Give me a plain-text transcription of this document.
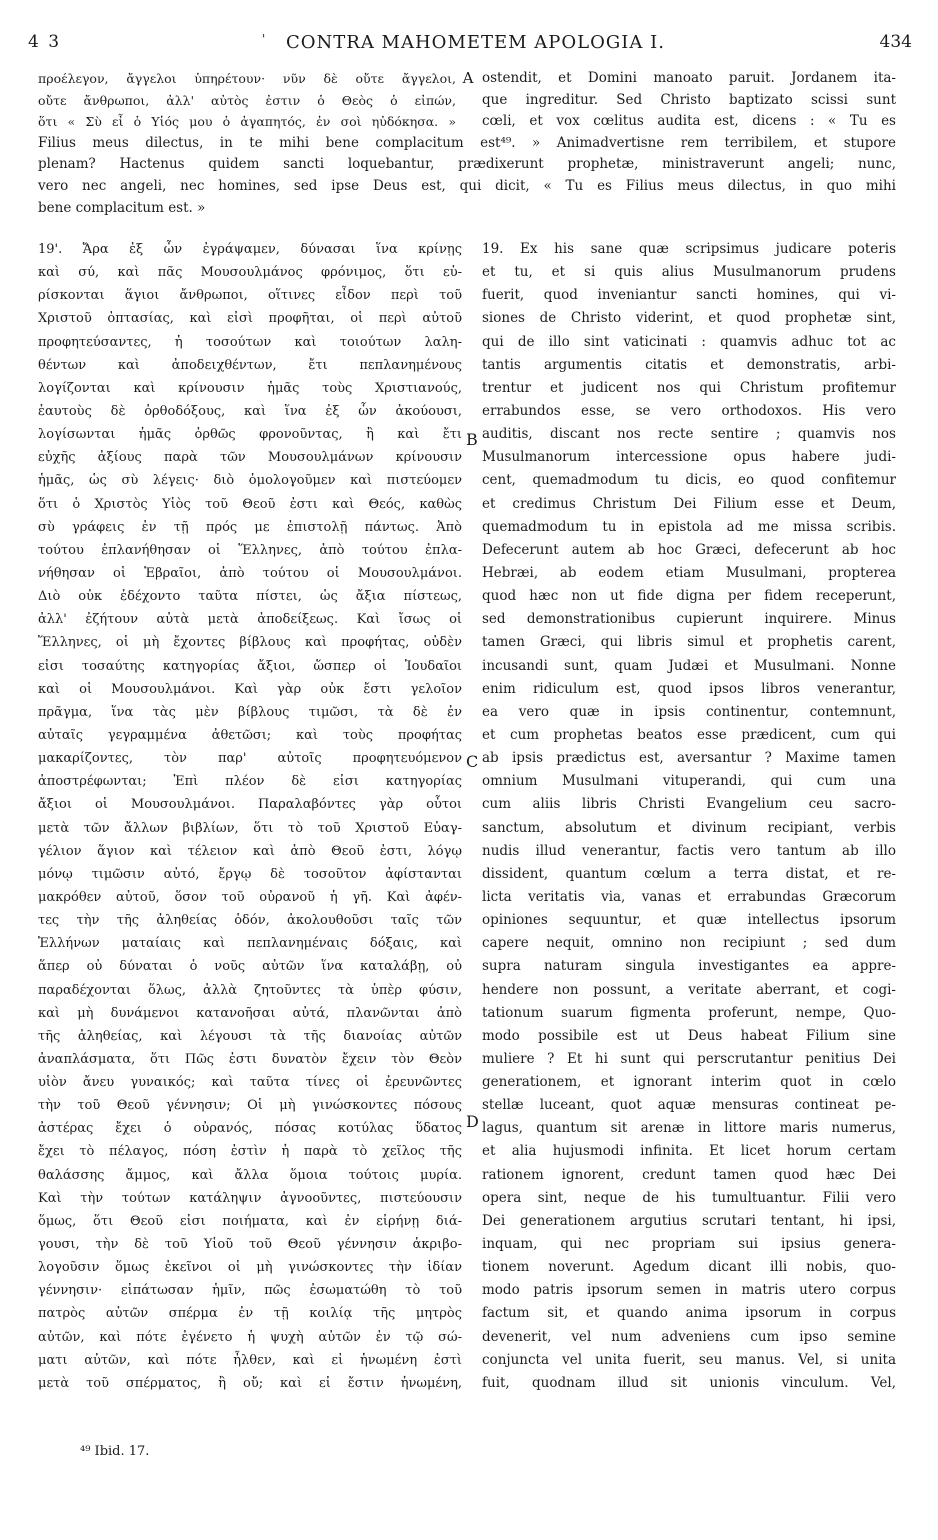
4 3	' CONTRA MAHOMETEM APOLOGIA I.	434
προέλεγον, ἄγγελοι ὑπηρέτουν· νῦν δὲ οὔτε ἄγγελοι, A ostendit, et Domini manoato paruit. Jordanem ita-
οὔτε ἄνθρωποι, ἀλλ' αὐτὸς ἐστιν ὁ Θεὸς ὁ εἰπών, que ingreditur. Sed Christo baptizato scissi sunt
ὅτι « Σὺ εἶ ὁ Υἱός μου ὁ ἀγαπητός, ἐν σοὶ ηὐδόκησα. » cœli, et vox cœlitus audita est, dicens : « Tu es
Filius meus dilectus, in te mihi bene complacitum est⁴⁹. » Animadvertisne rem terribilem, et stupore
plenam? Hactenus quidem sancti loquebantur, prædixerunt prophetæ, ministraverunt angeli; nunc,
vero nec angeli, nec homines, sed ipse Deus est, qui dicit, « Tu es Filius meus dilectus, in quo mihi
bene complacitum est. »
19'. Ἄρα ἐξ ὧν ἐγράψαμεν, δύνασαι ἵνα κρίνῃς
καὶ σύ, καὶ πᾶς Μουσουλμάνος φρόνιμος, ὅτι εὑ-
ρίσκονται ἅγιοι ἄνθρωποι, οἵτινες εἶδον περὶ τοῦ
Χριστοῦ ὀπτασίας, καὶ εἰσὶ προφῆται, οἱ περὶ αὐτοῦ
προφητεύσαντες, ἡ τοσούτων καὶ τοιούτων λαλη-
θέντων καὶ ἀποδειχθέντων, ἔτι πεπλανημένους
λογίζονται καὶ κρίνουσιν ἡμᾶς τοὺς Χριστιανούς,
ἑαυτοὺς δὲ ὀρθοδόξους, καὶ ἵνα ἐξ ὧν ἀκούουσι,
λογίσωνται ἡμᾶς ὀρθῶς φρονοῦντας, ἢ καὶ ἔτι
εὐχῆς ἀξίους παρὰ τῶν Μουσουλμάνων κρίνουσιν
ἡμᾶς, ὡς σὺ λέγεις· διὸ ὁμολογοῦμεν καὶ πιστεύομεν
ὅτι ὁ Χριστὸς Υἱὸς τοῦ Θεοῦ ἐστι καὶ Θεός, καθὼς
σὺ γράφεις ἐν τῇ πρός με ἐπιστολῇ πάντως. Ἀπὸ
τούτου ἐπλανήθησαν οἱ Ἕλληνες, ἀπὸ τούτου ἐπλα-
νήθησαν οἱ Ἑβραῖοι, ἀπὸ τούτου οἱ Μουσουλμάνοι.
Διὸ οὐκ ἐδέχοντο ταῦτα πίστει, ὡς ἄξια πίστεως,
ἀλλ' ἐζήτουν αὐτὰ μετὰ ἀποδείξεως. Καὶ ἴσως οἱ
Ἕλληνες, οἱ μὴ ἔχοντες βίβλους καὶ προφήτας, οὐδὲν
εἰσι τοσαύτης κατηγορίας ἄξιοι, ὥσπερ οἱ Ἰουδαῖοι
καὶ οἱ Μουσουλμάνοι. Καὶ γὰρ οὐκ ἔστι γελοῖον
πρᾶγμα, ἵνα τὰς μὲν βίβλους τιμῶσι, τὰ δὲ ἐν
αὐταῖς γεγραμμένα ἀθετῶσι; καὶ τοὺς προφήτας
μακαρίζοντες, τὸν παρ' αὐτοῖς προφητευόμενον
ἀποστρέφωνται; Ἐπὶ πλέον δὲ εἰσι κατηγορίας
ἄξιοι οἱ Μουσουλμάνοι. Παραλαβόντες γὰρ οὗτοι
μετὰ τῶν ἄλλων βιβλίων, ὅτι τὸ τοῦ Χριστοῦ Εὐαγ-
γέλιον ἅγιον καὶ τέλειον καὶ ἀπὸ Θεοῦ ἐστι, λόγῳ
μόνῳ τιμῶσιν αὐτό, ἔργῳ δὲ τοσοῦτον ἀφίστανται
μακρόθεν αὐτοῦ, ὅσον τοῦ οὐρανοῦ ἡ γῆ. Καὶ ἀφέν-
τες τὴν τῆς ἀληθείας ὁδόν, ἀκολουθοῦσι ταῖς τῶν
Ἑλλήνων ματαίαις καὶ πεπλανημέναις δόξαις, καὶ
ἅπερ οὐ δύναται ὁ νοῦς αὐτῶν ἵνα καταλάβῃ, οὐ
παραδέχονται ὅλως, ἀλλὰ ζητοῦντες τὰ ὑπὲρ φύσιν,
καὶ μὴ δυνάμενοι κατανοῆσαι αὐτά, πλανῶνται ἀπὸ
τῆς ἀληθείας, καὶ λέγουσι τὰ τῆς διανοίας αὐτῶν
ἀναπλάσματα, ὅτι Πῶς ἐστι δυνατὸν ἔχειν τὸν Θεὸν
υἱὸν ἄνευ γυναικός; καὶ ταῦτα τίνες οἱ ἐρευνῶντες
τὴν τοῦ Θεοῦ γέννησιν; Οἱ μὴ γινώσκοντες πόσους
ἀστέρας ἔχει ὁ οὐρανός, πόσας κοτύλας ὕδατος
ἔχει τὸ πέλαγος, πόση ἐστὶν ἡ παρὰ τὸ χεῖλος τῆς
θαλάσσης ἄμμος, καὶ ἄλλα ὅμοια τούτοις μυρία.
Καὶ τὴν τούτων κατάληψιν ἀγνοοῦντες, πιστεύουσιν
ὅμως, ὅτι Θεοῦ εἰσι ποιήματα, καὶ ἐν εἰρήνῃ διά-
γουσι, τὴν δὲ τοῦ Υἱοῦ τοῦ Θεοῦ γέννησιν ἀκριβο-
λογοῦσιν ὅμως ἐκεῖνοι οἱ μὴ γινώσκοντες τὴν ἰδίαν
γέννησιν· εἰπάτωσαν ἡμῖν, πῶς ἐσωματώθη τὸ τοῦ
πατρὸς αὐτῶν σπέρμα ἐν τῇ κοιλίᾳ τῆς μητρὸς
αὐτῶν, καὶ πότε ἐγένετο ἡ ψυχὴ αὐτῶν ἐν τῷ σώ-
ματι αὐτῶν, καὶ πότε ἦλθεν, καὶ εἰ ἡνωμένη ἐστὶ
μετὰ τοῦ σπέρματος, ἢ οὔ; καὶ εἰ ἔστιν ἡνωμένη,
19. Ex his sane quæ scripsimus judicare poteris
et tu, et si quis alius Musulmanorum prudens
fuerit, quod inveniantur sancti homines, qui vi-
siones de Christo viderint, et quod prophetæ sint,
qui de illo sint vaticinati : quamvis adhuc tot ac
tantis argumentis citatis et demonstratis, arbi-
trentur et judicent nos qui Christum profitemur
errabundos esse, se vero orthodoxos. His vero
auditis, discant nos recte sentire ; quamvis nos
Musulmanorum intercessione opus habere judi-
cent, quemadmodum tu dicis, eo quod confitemur
et credimus Christum Dei Filium esse et Deum,
quemadmodum tu in epistola ad me missa scribis.
Defecerunt autem ab hoc Græci, defecerunt ab hoc
Hebræi, ab eodem etiam Musulmani, propterea
quod hæc non ut fide digna per fidem receperunt,
sed demonstrationibus cupierunt inquirere. Minus
tamen Græci, qui libris simul et prophetis carent,
incusandi sunt, quam Judæi et Musulmani. Nonne
enim ridiculum est, quod ipsos libros venerantur,
ea vero quæ in ipsis continentur, contemnunt,
et cum prophetas beatos esse prædicent, cum qui
ab ipsis prædictus est, aversantur ? Maxime tamen
omnium Musulmani vituperandi, qui cum una
cum aliis libris Christi Evangelium ceu sacro-
sanctum, absolutum et divinum recipiant, verbis
nudis illud venerantur, factis vero tantum ab illo
dissident, quantum cœlum a terra distat, et re-
licta veritatis via, vanas et errabundas Græcorum
opiniones sequuntur, et quæ intellectus ipsorum
capere nequit, omnino non recipiunt ; sed dum
supra naturam singula investigantes ea appre-
hendere non possunt, a veritate aberrant, et cogi-
tationum suarum figmenta proferunt, nempe, Quo-
modo possibile est ut Deus habeat Filium sine
muliere ? Et hi sunt qui perscrutantur penitius Dei
generationem, et ignorant interim quot in cœlo
stellæ luceant, quot aquæ mensuras contineat pe-
lagus, quantum sit arenæ in littore maris numerus,
et alia hujusmodi infinita. Et licet horum certam
rationem ignorent, credunt tamen quod hæc Dei
opera sint, neque de his tumultuantur. Filii vero
Dei generationem argutius scrutari tentant, hi ipsi,
inquam, qui nec propriam sui ipsius genera-
tionem noverunt. Agedum dicant illi nobis, quo-
modo patris ipsorum semen in matris utero corpus
factum sit, et quando anima ipsorum in corpus
devenerit, vel num adveniens cum ipso semine
conjuncta vel unita fuerit, seu manus. Vel, si unita
fuit, quodnam illud sit unionis vinculum. Vel,
B
C
D
⁴⁹ Ibid. 17.
